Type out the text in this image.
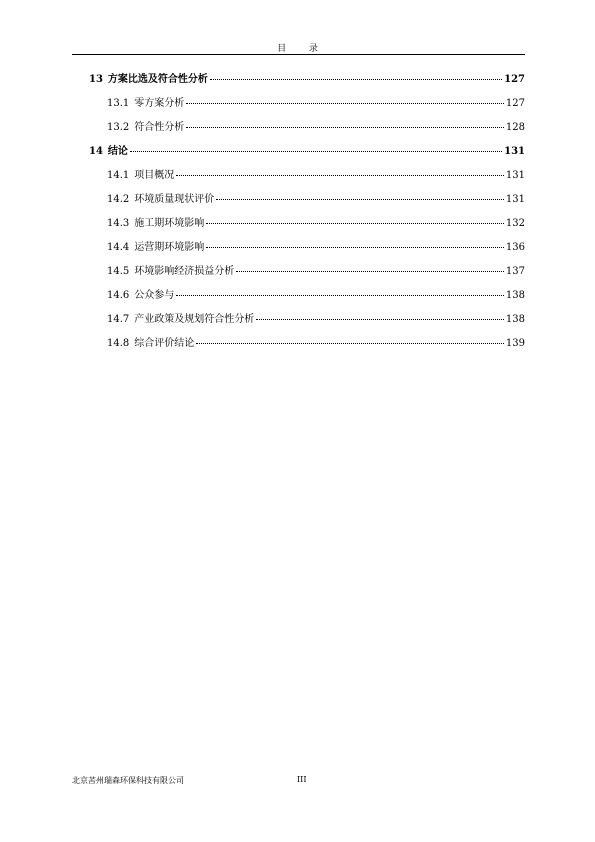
目 录
13 方案比选及符合性分析	127
13.1 零方案分析	127
13.2 符合性分析	128
14 结论	131
14.1 项目概况	131
14.2 环境质量现状评价	131
14.3 施工期环境影响	132
14.4 运营期环境影响	136
14.5 环境影响经济损益分析	137
14.6 公众参与	138
14.7 产业政策及规划符合性分析	138
14.8 综合评价结论	139
北京䒷州瑞森环保科技有限公司	III
